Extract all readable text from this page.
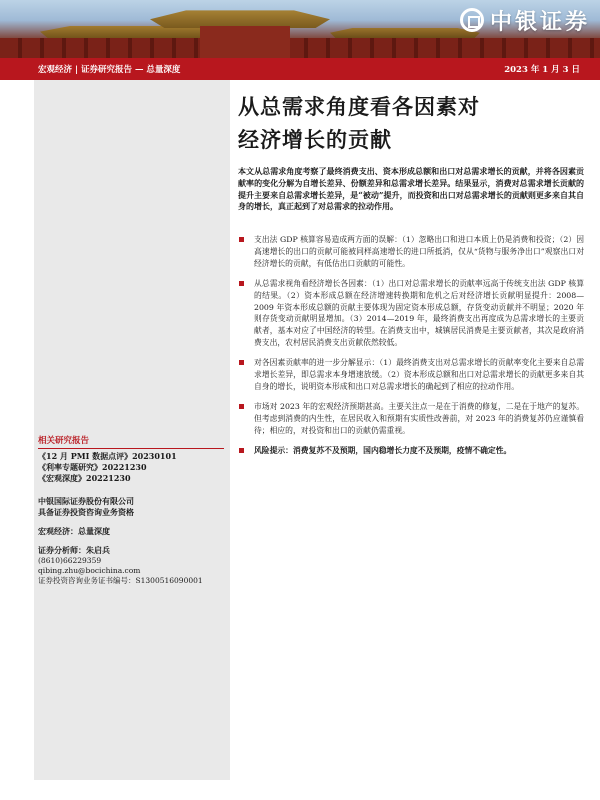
中银证券
宏观经济 | 证券研究报告 — 总量深度	2023 年 1 月 3 日
从总需求角度看各因素对
经济增长的贡献
本文从总需求角度考察了最终消费支出、资本形成总额和出口对总需求增长的贡献，并将各因素贡献率的变化分解为自增长差异、份额差异和总需求增长差异。结果显示，消费对总需求增长贡献的提升主要来自总需求增长差异，是“被动”提升，而投资和出口对总需求增长的贡献则更多来自其自身的增长，真正起到了对总需求的拉动作用。
支出法 GDP 核算容易造成两方面的误解：（1）忽略出口和进口本质上仍是消费和投资；（2）因高速增长的出口的贡献可能被同样高速增长的进口所抵消，仅从“货物与服务净出口”观察出口对经济增长的贡献，有低估出口贡献的可能性。
从总需求视角看经济增长各因素：（1）出口对总需求增长的贡献率远高于传统支出法 GDP 核算的结果。（2）资本形成总额在经济增速转换期和危机之后对经济增长贡献明显提升：2008—2009 年资本形成总额的贡献主要体现为固定资本形成总额，存货变动贡献并不明显；2020 年则存货变动贡献明显增加。（3）2014—2019 年，最终消费支出再度成为总需求增长的主要贡献者，基本对应了中国经济的转型。在消费支出中，城镇居民消费是主要贡献者，其次是政府消费支出，农村居民消费支出贡献依然较低。
对各因素贡献率的进一步分解显示：（1）最终消费支出对总需求增长的贡献率变化主要来自总需求增长差异，即总需求本身增速放缓。（2）资本形成总额和出口对总需求增长的贡献更多来自其自身的增长，说明资本形成和出口对总需求增长的确起到了相应的拉动作用。
市场对 2023 年的宏观经济预期甚高。主要关注点一是在于消费的修复，二是在于地产的复苏。但考虑到消费的内生性，在居民收入和预期有实质性改善前，对 2023 年的消费复苏仍应谨慎看待；相应的，对投资和出口的贡献仍需重视。
风险提示：消费复苏不及预期，国内稳增长力度不及预期，疫情不确定性。
相关研究报告
《12 月 PMI 数据点评》20230101
《利率专题研究》20221230
《宏观深度》20221230
中银国际证券股份有限公司
具备证券投资咨询业务资格
宏观经济：总量深度
证券分析师：朱启兵
(8610)66229359
qibing.zhu@bocichina.com
证券投资咨询业务证书编号：S1300516090001
